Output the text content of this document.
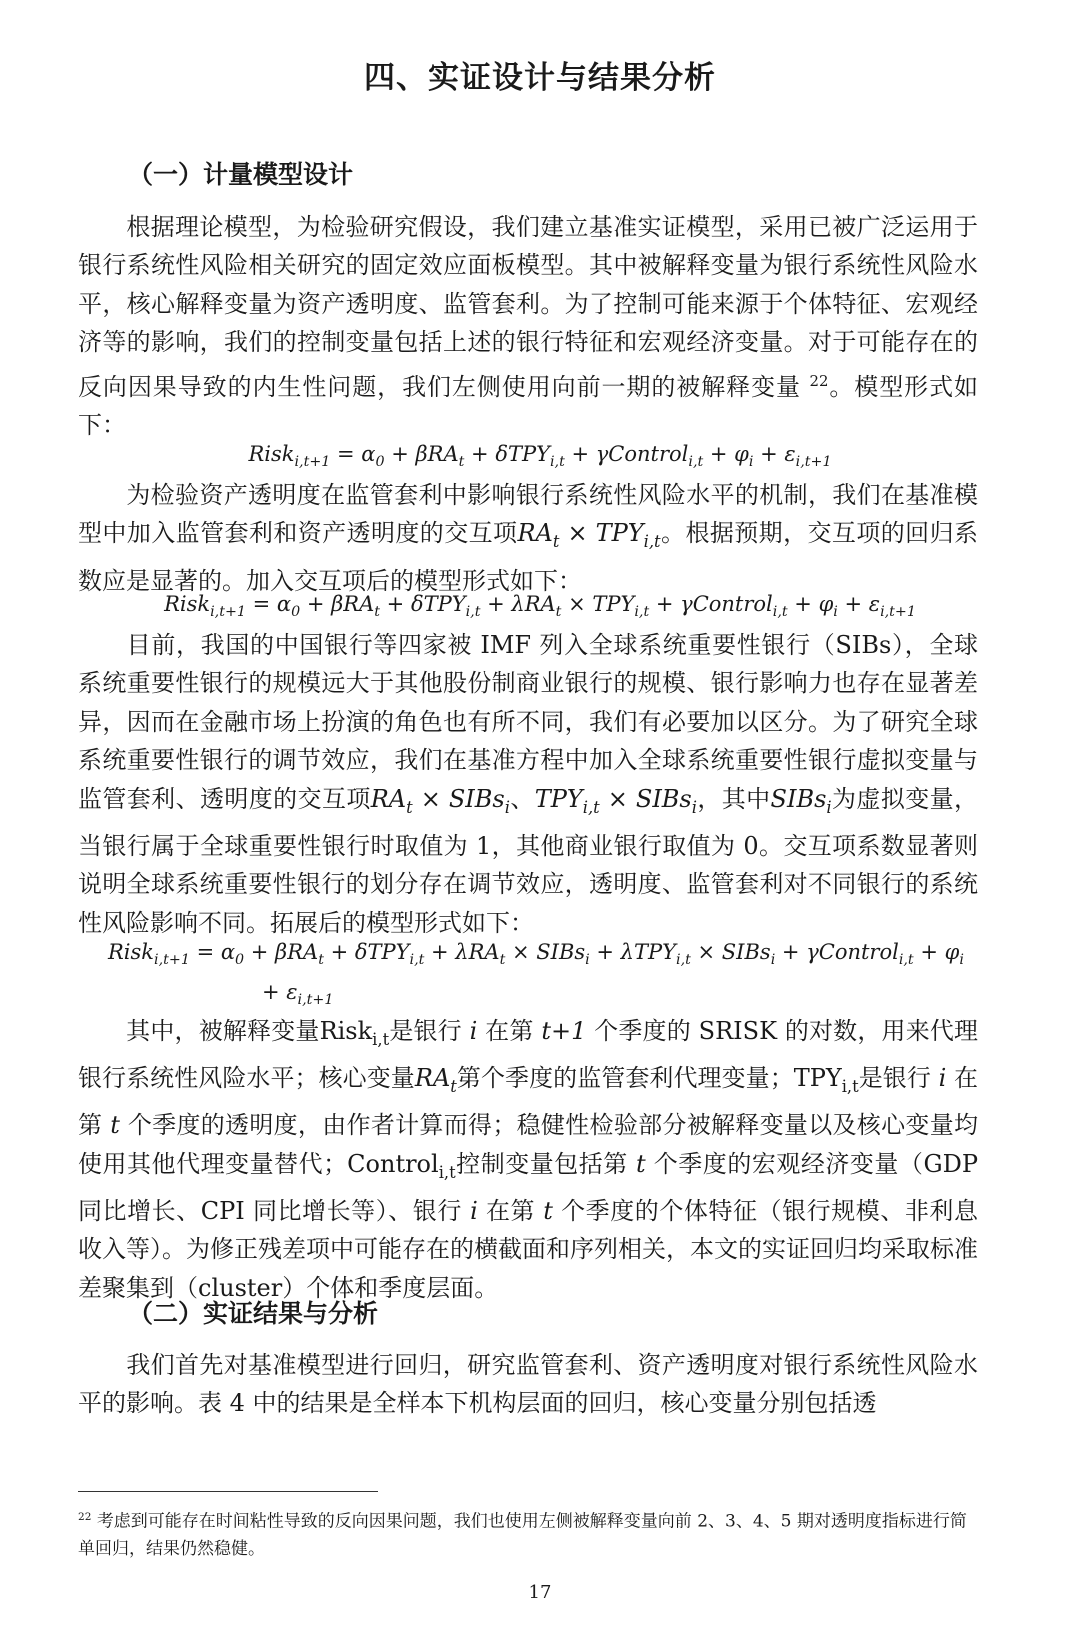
四、实证设计与结果分析
（一）计量模型设计
根据理论模型，为检验研究假设，我们建立基准实证模型，采用已被广泛运用于银行系统性风险相关研究的固定效应面板模型。其中被解释变量为银行系统性风险水平，核心解释变量为资产透明度、监管套利。为了控制可能来源于个体特征、宏观经济等的影响，我们的控制变量包括上述的银行特征和宏观经济变量。对于可能存在的反向因果导致的内生性问题，我们左侧使用向前一期的被解释变量 $^{22}$。模型形式如下：
Risk$_{i,t+1}$ = $\alpha_0 + \beta RA_t + \delta TPY_{i,t}$ + γControl$_{i,t}$ + $\varphi_i + \varepsilon_{i,t+1}$
为检验资产透明度在监管套利中影响银行系统性风险水平的机制，我们在基准模型中加入监管套利和资产透明度的交互项$RA_t \times TPY_{i,t}$。根据预期，交互项的回归系数应是显著的。加入交互项后的模型形式如下：
Risk$_{i,t+1}$ = $\alpha_0 + \beta RA_t + \delta TPY_{i,t} + \lambda RA_t \times TPY_{i,t}$ + γControl$_{i,t}$ + $\varphi_i + \varepsilon_{i,t+1}$
目前，我国的中国银行等四家被 IMF 列入全球系统重要性银行（SIBs），全球系统重要性银行的规模远大于其他股份制商业银行的规模、银行影响力也存在显著差异，因而在金融市场上扮演的角色也有所不同，我们有必要加以区分。为了研究全球系统重要性银行的调节效应，我们在基准方程中加入全球系统重要性银行虚拟变量与监管套利、透明度的交互项$RA_t$ × SIBs$_i$、$TPY_{i,t}$ × SIBs$_i$，其中SIBs$_i$为虚拟变量，当银行属于全球重要性银行时取值为 1，其他商业银行取值为 0。交互项系数显著则说明全球系统重要性银行的划分存在调节效应，透明度、监管套利对不同银行的系统性风险影响不同。拓展后的模型形式如下：
Risk$_{i,t+1}$ = $\alpha_0 + \beta RA_t + \delta TPY_{i,t} + \lambda RA_t$ × SIBs$_i$ + λTPY$_{i,t}$ × SIBs$_i$ + γControl$_{i,t}$ + $\varphi_i$
+ $\varepsilon_{i,t+1}$
其中，被解释变量Risk$_{i,t}$是银行 i 在第 t+1 个季度的 SRISK 的对数，用来代理银行系统性风险水平；核心变量$RA_t$第个季度的监管套利代理变量；$TPY_{i,t}$是银行 i 在第 t 个季度的透明度，由作者计算而得；稳健性检验部分被解释变量以及核心变量均使用其他代理变量替代；Control$_{i,t}$控制变量包括第 t 个季度的宏观经济变量（GDP 同比增长、CPI 同比增长等）、银行 i 在第 t 个季度的个体特征（银行规模、非利息收入等）。为修正残差项中可能存在的横截面和序列相关，本文的实证回归均采取标准差聚集到（cluster）个体和季度层面。
（二）实证结果与分析
我们首先对基准模型进行回归，研究监管套利、资产透明度对银行系统性风险水平的影响。表 4 中的结果是全样本下机构层面的回归，核心变量分别包括透
$^{22}$ 考虑到可能存在时间粘性导致的反向因果问题，我们也使用左侧被解释变量向前 2、3、4、5 期对透明度指标进行简单回归，结果仍然稳健。
17
